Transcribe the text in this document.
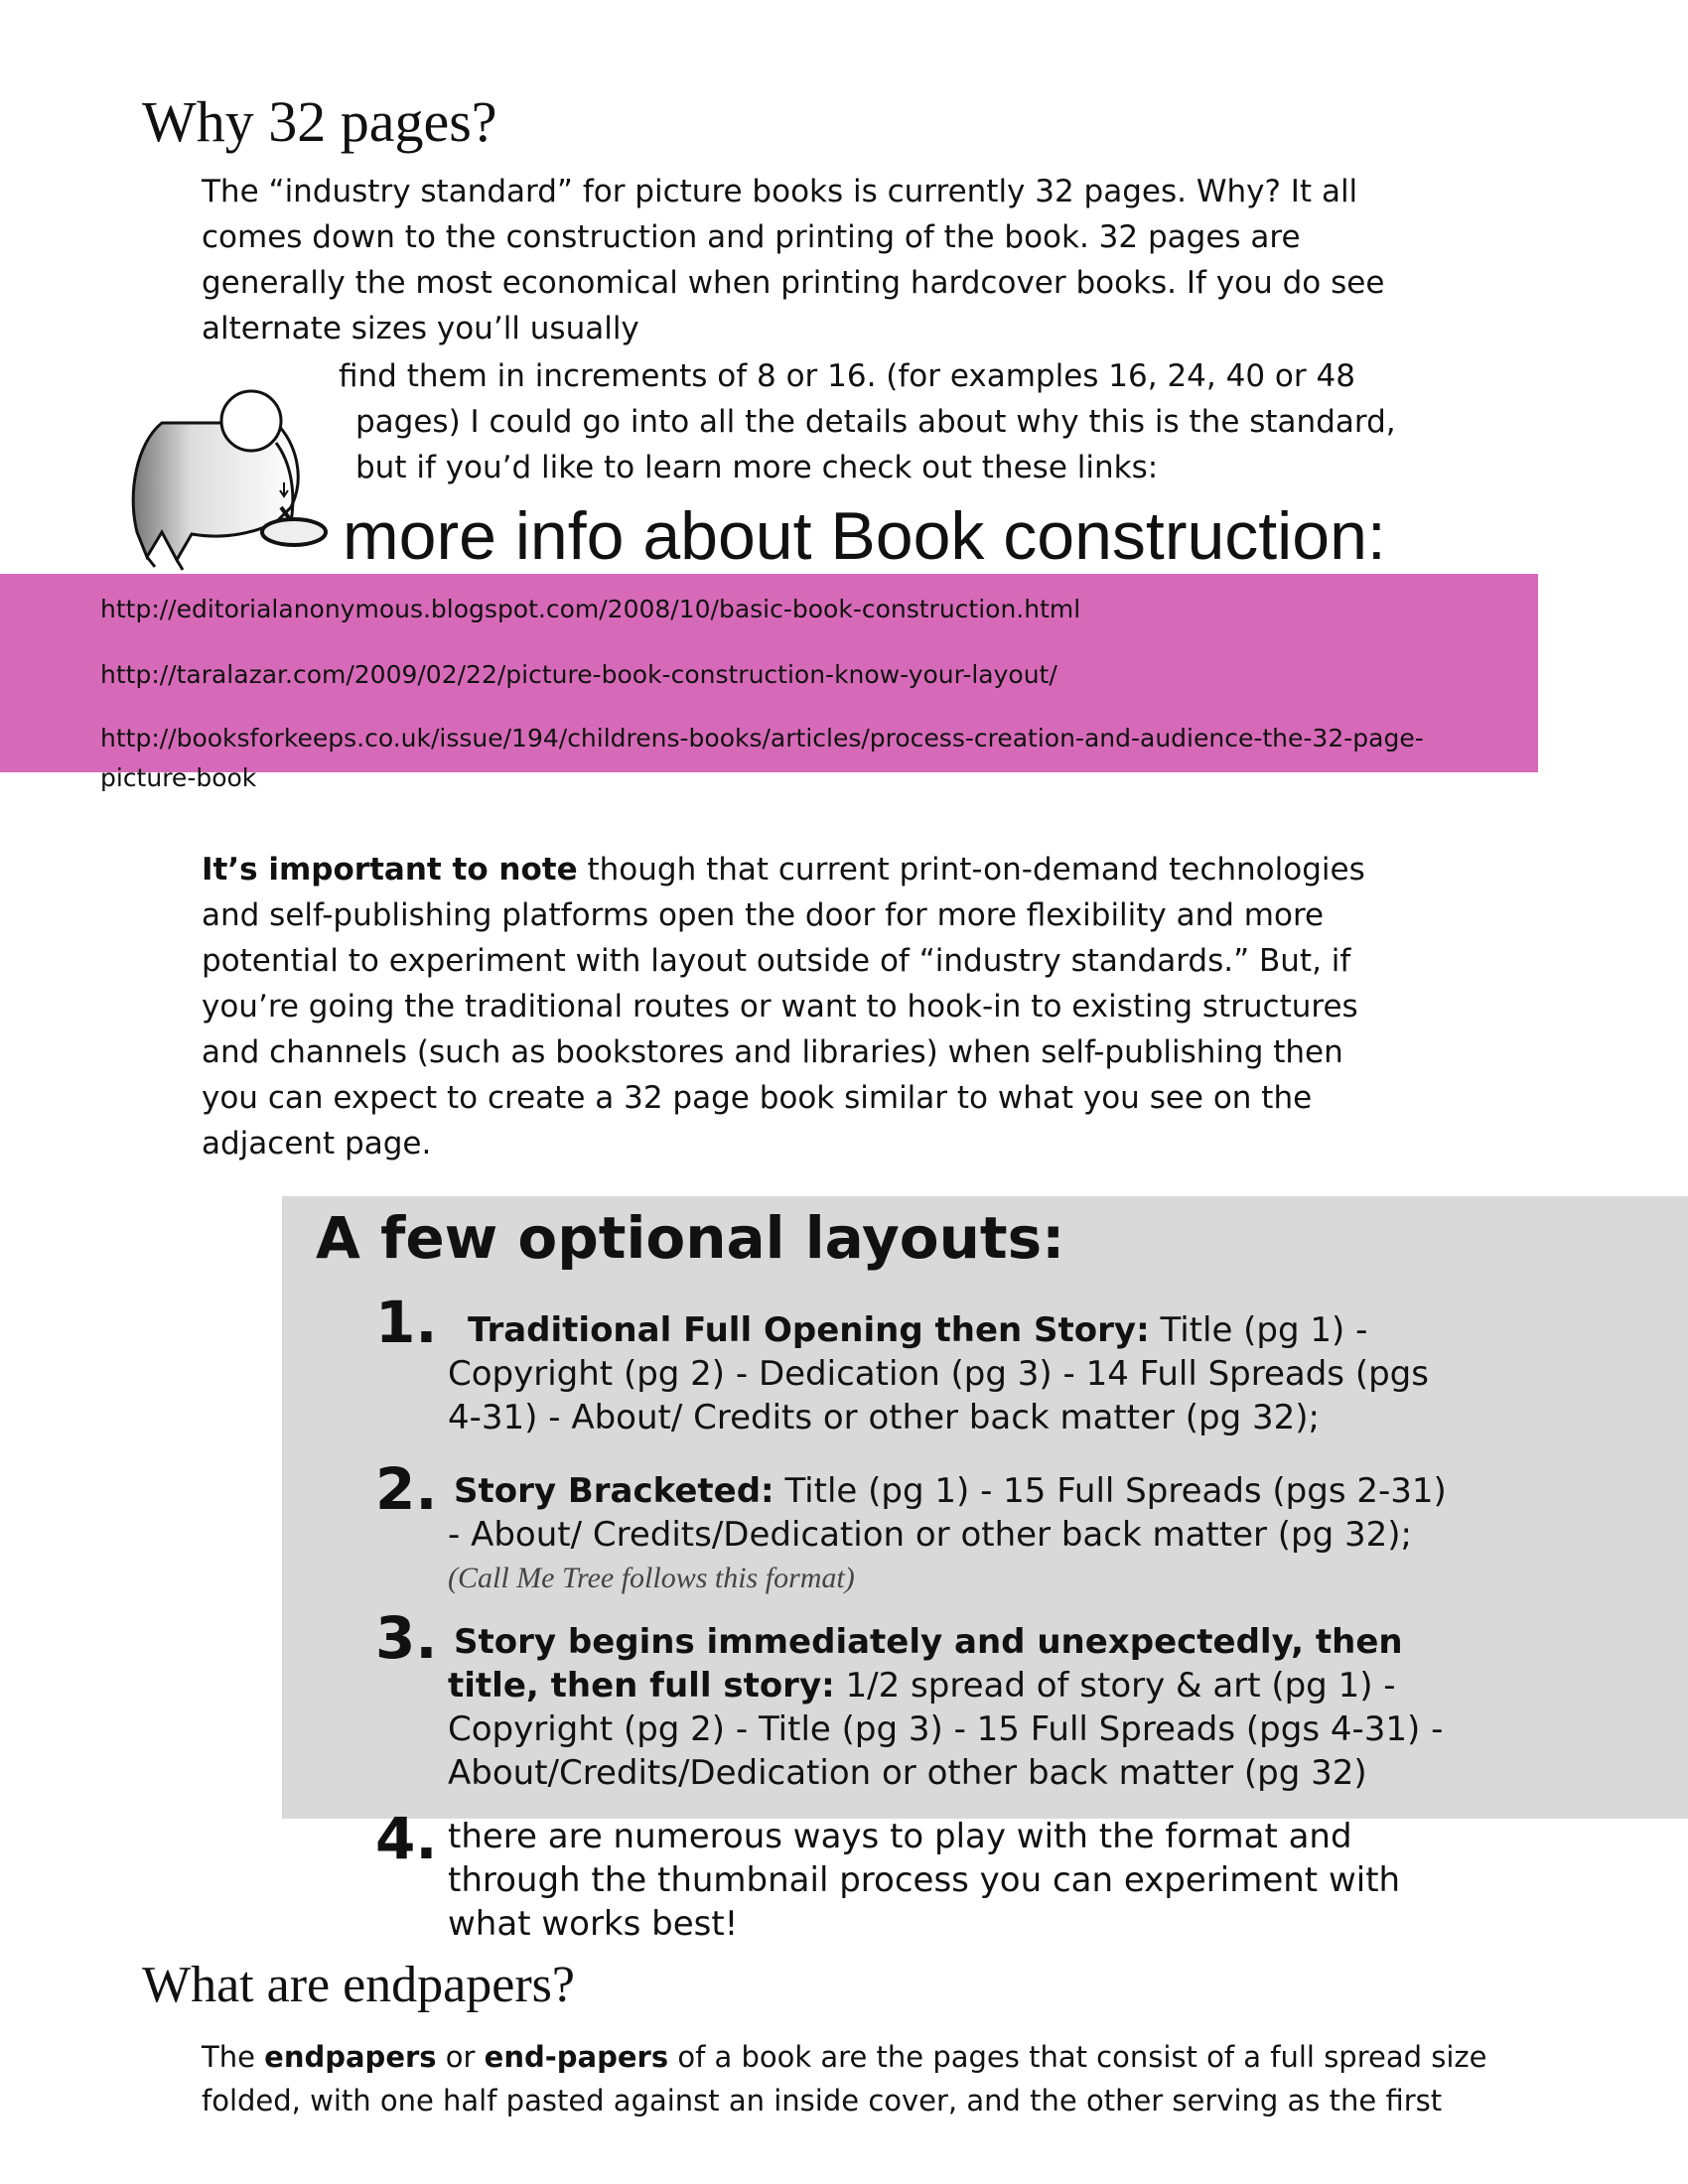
Why 32 pages?

The “industry standard” for picture books is currently 32 pages. Why? It all comes down to the construction and printing of the book. 32 pages are generally the most economical when printing hardcover books. If you do see alternate sizes you’ll usually

find them in increments of 8 or 16. (for examples 16, 24, 40 or 48

pages) I could go into all the details about why this is the standard,

but if you’d like to learn more check out these links:

more info about Book construction:
http://editorialanonymous.blogspot.com/2008/10/basic-book-construction.html
http://taralazar.com/2009/02/22/picture-book-construction-know-your-layout/
http://booksforkeeps.co.uk/issue/194/childrens-books/articles/process-creation-and-audience-the-32-page-picture-book

It’s important to note though that current print-on-demand technologies and self-publishing platforms open the door for more flexibility and more potential to experiment with layout outside of “industry standards.” But, if you’re going the traditional routes or want to hook-in to existing structures and channels (such as bookstores and libraries) when self-publishing then you can expect to create a 32 page book similar to what you see on the adjacent page.

A few optional layouts:
1. Traditional Full Opening then Story: Title (pg 1) - Copyright (pg 2) - Dedication (pg 3) - 14 Full Spreads (pgs 4-31) - About/ Credits or other back matter (pg 32);
2. Story Bracketed: Title (pg 1) - 15 Full Spreads (pgs 2-31) - About/ Credits/Dedication or other back matter (pg 32);
(Call Me Tree follows this format)
3. Story begins immediately and unexpectedly, then title, then full story: 1/2 spread of story & art (pg 1) - Copyright (pg 2) - Title (pg 3) - 15 Full Spreads (pgs 4-31) - About/Credits/Dedication or other back matter (pg 32)
4. there are numerous ways to play with the format and through the thumbnail process you can experiment with what works best!
What are endpapers?

The endpapers or end-papers of a book are the pages that consist of a full spread size folded, with one half pasted against an inside cover, and the other serving as the first
